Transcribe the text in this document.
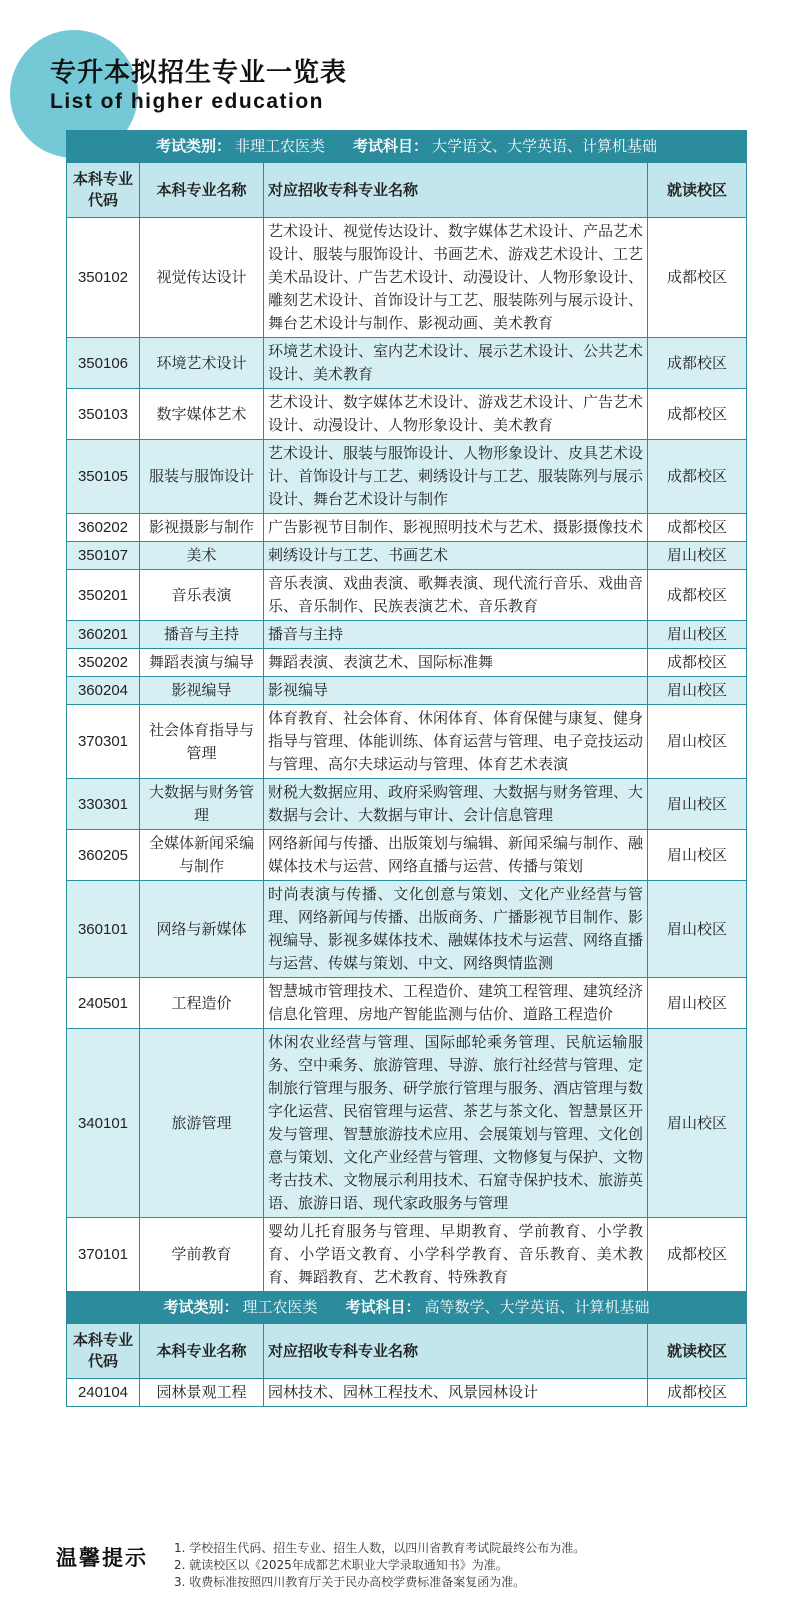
专升本拟招生专业一览表
List of higher education
考试类别： 非理工农医类 考试科目： 大学语文、大学英语、计算机基础			
本科专业代码	本科专业名称	对应招收专科专业名称	就读校区
350102	视觉传达设计	艺术设计、视觉传达设计、数字媒体艺术设计、产品艺术设计、服装与服饰设计、书画艺术、游戏艺术设计、工艺美术品设计、广告艺术设计、动漫设计、人物形象设计、雕刻艺术设计、首饰设计与工艺、服装陈列与展示设计、舞台艺术设计与制作、影视动画、美术教育	成都校区
350106	环境艺术设计	环境艺术设计、室内艺术设计、展示艺术设计、公共艺术设计、美术教育	成都校区
350103	数字媒体艺术	艺术设计、数字媒体艺术设计、游戏艺术设计、广告艺术设计、动漫设计、人物形象设计、美术教育	成都校区
350105	服装与服饰设计	艺术设计、服装与服饰设计、人物形象设计、皮具艺术设计、首饰设计与工艺、刺绣设计与工艺、服装陈列与展示设计、舞台艺术设计与制作	成都校区
360202	影视摄影与制作	广告影视节目制作、影视照明技术与艺术、摄影摄像技术	成都校区
350107	美术	刺绣设计与工艺、书画艺术	眉山校区
350201	音乐表演	音乐表演、戏曲表演、歌舞表演、现代流行音乐、戏曲音乐、音乐制作、民族表演艺术、音乐教育	成都校区
360201	播音与主持	播音与主持	眉山校区
350202	舞蹈表演与编导	舞蹈表演、表演艺术、国际标准舞	成都校区
360204	影视编导	影视编导	眉山校区
370301	社会体育指导与管理	体育教育、社会体育、休闲体育、体育保健与康复、健身指导与管理、体能训练、体育运营与管理、电子竞技运动与管理、高尔夫球运动与管理、体育艺术表演	眉山校区
330301	大数据与财务管理	财税大数据应用、政府采购管理、大数据与财务管理、大数据与会计、大数据与审计、会计信息管理	眉山校区
360205	全媒体新闻采编与制作	网络新闻与传播、出版策划与编辑、新闻采编与制作、融媒体技术与运营、网络直播与运营、传播与策划	眉山校区
360101	网络与新媒体	时尚表演与传播、文化创意与策划、文化产业经营与管理、网络新闻与传播、出版商务、广播影视节目制作、影视编导、影视多媒体技术、融媒体技术与运营、网络直播与运营、传媒与策划、中文、网络舆情监测	眉山校区
240501	工程造价	智慧城市管理技术、工程造价、建筑工程管理、建筑经济信息化管理、房地产智能监测与估价、道路工程造价	眉山校区
340101	旅游管理	休闲农业经营与管理、国际邮轮乘务管理、民航运输服务、空中乘务、旅游管理、导游、旅行社经营与管理、定制旅行管理与服务、研学旅行管理与服务、酒店管理与数字化运营、民宿管理与运营、茶艺与茶文化、智慧景区开发与管理、智慧旅游技术应用、会展策划与管理、文化创意与策划、文化产业经营与管理、文物修复与保护、文物考古技术、文物展示利用技术、石窟寺保护技术、旅游英语、旅游日语、现代家政服务与管理	眉山校区
370101	学前教育	婴幼儿托育服务与管理、早期教育、学前教育、小学教育、小学语文教育、小学科学教育、音乐教育、美术教育、舞蹈教育、艺术教育、特殊教育	成都校区
考试类别： 理工农医类 考试科目： 高等数学、大学英语、计算机基础			
本科专业代码	本科专业名称	对应招收专科专业名称	就读校区
240104	园林景观工程	园林技术、园林工程技术、风景园林设计	成都校区
温馨提示 1. 学校招生代码、招生专业、招生人数，以四川省教育考试院最终公布为准。
2. 就读校区以《2025年成都艺术职业大学录取通知书》为准。
3. 收费标准按照四川教育厅关于民办高校学费标准备案复函为准。
